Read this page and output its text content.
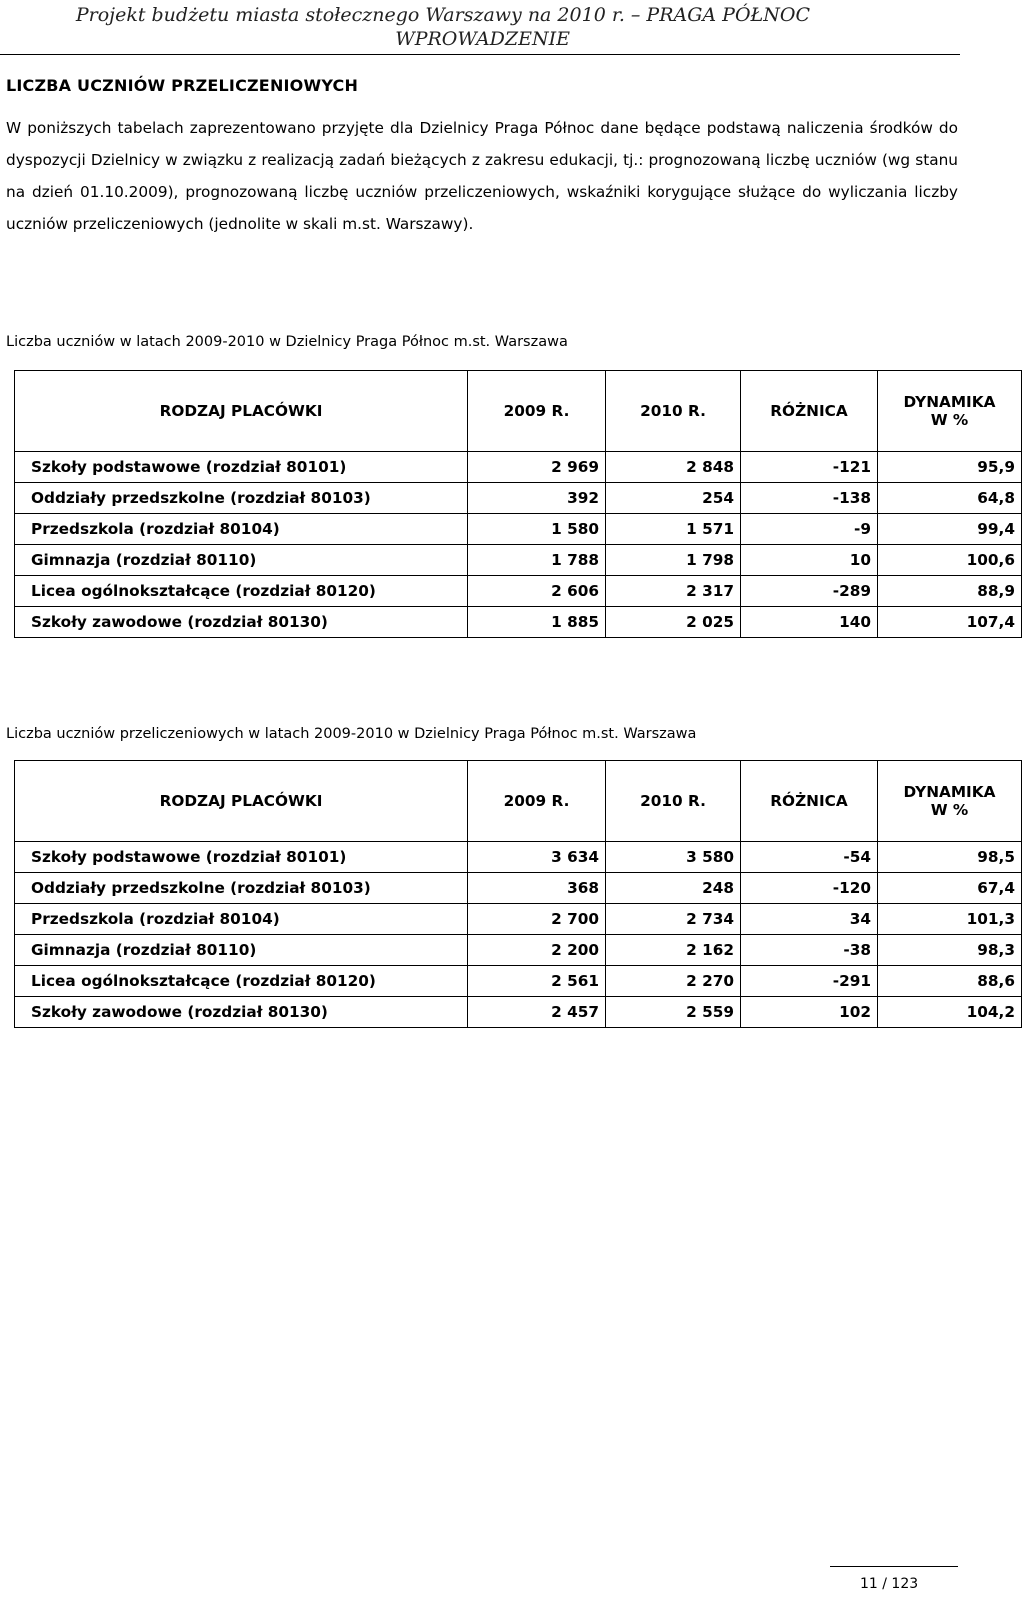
Projekt budżetu miasta stołecznego Warszawy na 2010 r. – PRAGA PÓŁNOC
WPROWADZENIE
LICZBA UCZNIÓW PRZELICZENIOWYCH
W poniższych tabelach zaprezentowano przyjęte dla Dzielnicy Praga Północ dane będące podstawą naliczenia środków do dyspozycji Dzielnicy w związku z realizacją zadań bieżących z zakresu edukacji, tj.: prognozowaną liczbę uczniów (wg stanu na dzień 01.10.2009), prognozowaną liczbę uczniów przeliczeniowych, wskaźniki korygujące służące do wyliczania liczby uczniów przeliczeniowych (jednolite w skali m.st. Warszawy).
Liczba uczniów w latach 2009-2010 w Dzielnicy Praga Północ m.st. Warszawa
RODZAJ PLACÓWKI	2009 R.	2010 R.	RÓŻNICA	DYNAMIKA
W %
Szkoły podstawowe (rozdział 80101)	2 969	2 848	-121	95,9
Oddziały przedszkolne (rozdział 80103)	392	254	-138	64,8
Przedszkola (rozdział 80104)	1 580	1 571	-9	99,4
Gimnazja (rozdział 80110)	1 788	1 798	10	100,6
Licea ogólnokształcące (rozdział 80120)	2 606	2 317	-289	88,9
Szkoły zawodowe (rozdział 80130)	1 885	2 025	140	107,4
Liczba uczniów przeliczeniowych w latach 2009-2010 w Dzielnicy Praga Północ m.st. Warszawa
RODZAJ PLACÓWKI	2009 R.	2010 R.	RÓŻNICA	DYNAMIKA
W %
Szkoły podstawowe (rozdział 80101)	3 634	3 580	-54	98,5
Oddziały przedszkolne (rozdział 80103)	368	248	-120	67,4
Przedszkola (rozdział 80104)	2 700	2 734	34	101,3
Gimnazja (rozdział 80110)	2 200	2 162	-38	98,3
Licea ogólnokształcące (rozdział 80120)	2 561	2 270	-291	88,6
Szkoły zawodowe (rozdział 80130)	2 457	2 559	102	104,2
11 / 123
